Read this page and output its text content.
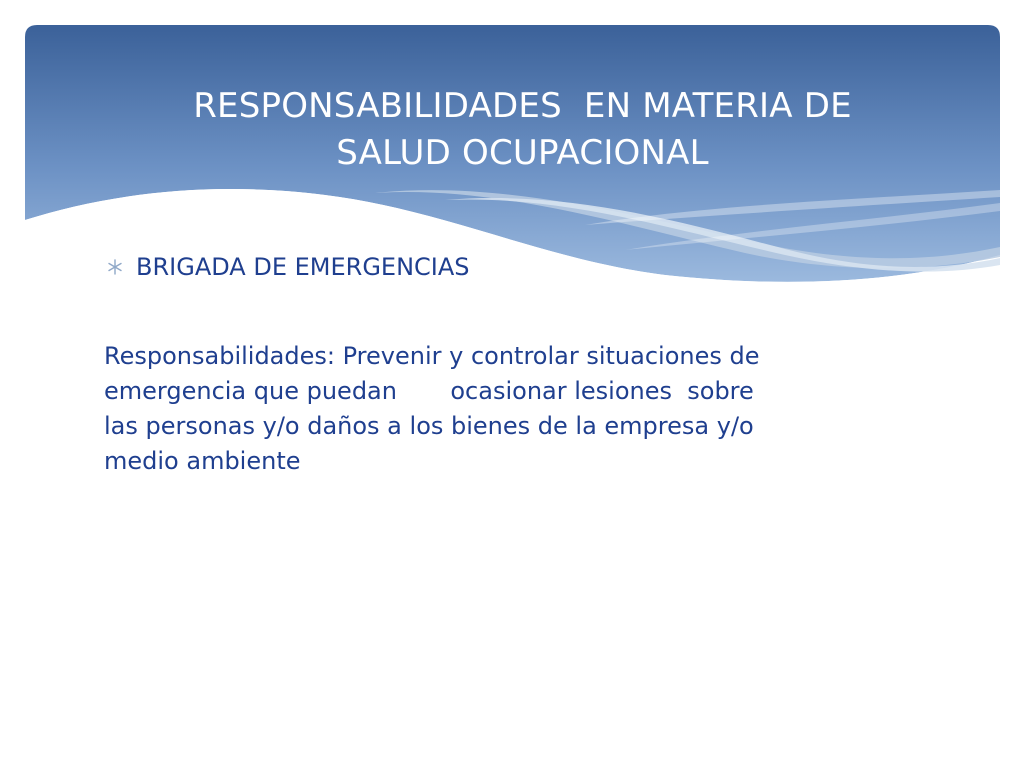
RESPONSABILIDADES  EN MATERIA DE
SALUD OCUPACIONAL
BRIGADA DE EMERGENCIAS
Responsabilidades: Prevenir y controlar situaciones de
emergencia que puedan       ocasionar lesiones  sobre
las personas y/o daños a los bienes de la empresa y/o
medio ambiente
